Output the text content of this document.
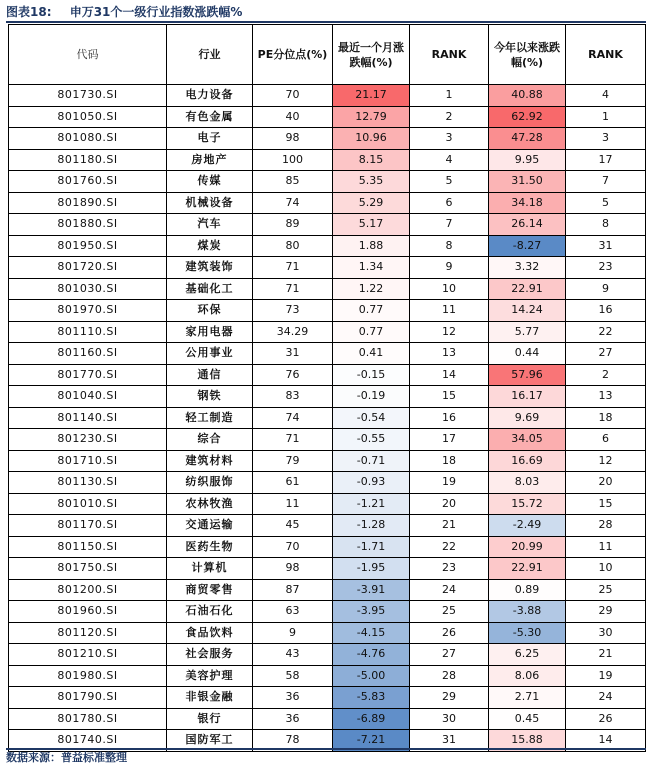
图表18: 申万31个一级行业指数涨跌幅%
代码	行业	PE分位点(%)	最近一个月涨跌幅(%)	RANK	今年以来涨跌幅(%)	RANK
801730.SI	电力设备	70	21.17	1	40.88	4
801050.SI	有色金属	40	12.79	2	62.92	1
801080.SI	电子	98	10.96	3	47.28	3
801180.SI	房地产	100	8.15	4	9.95	17
801760.SI	传媒	85	5.35	5	31.50	7
801890.SI	机械设备	74	5.29	6	34.18	5
801880.SI	汽车	89	5.17	7	26.14	8
801950.SI	煤炭	80	1.88	8	-8.27	31
801720.SI	建筑装饰	71	1.34	9	3.32	23
801030.SI	基础化工	71	1.22	10	22.91	9
801970.SI	环保	73	0.77	11	14.24	16
801110.SI	家用电器	34.29	0.77	12	5.77	22
801160.SI	公用事业	31	0.41	13	0.44	27
801770.SI	通信	76	-0.15	14	57.96	2
801040.SI	钢铁	83	-0.19	15	16.17	13
801140.SI	轻工制造	74	-0.54	16	9.69	18
801230.SI	综合	71	-0.55	17	34.05	6
801710.SI	建筑材料	79	-0.71	18	16.69	12
801130.SI	纺织服饰	61	-0.93	19	8.03	20
801010.SI	农林牧渔	11	-1.21	20	15.72	15
801170.SI	交通运输	45	-1.28	21	-2.49	28
801150.SI	医药生物	70	-1.71	22	20.99	11
801750.SI	计算机	98	-1.95	23	22.91	10
801200.SI	商贸零售	87	-3.91	24	0.89	25
801960.SI	石油石化	63	-3.95	25	-3.88	29
801120.SI	食品饮料	9	-4.15	26	-5.30	30
801210.SI	社会服务	43	-4.76	27	6.25	21
801980.SI	美容护理	58	-5.00	28	8.06	19
801790.SI	非银金融	36	-5.83	29	2.71	24
801780.SI	银行	36	-6.89	30	0.45	26
801740.SI	国防军工	78	-7.21	31	15.88	14
数据来源：普益标准整理
